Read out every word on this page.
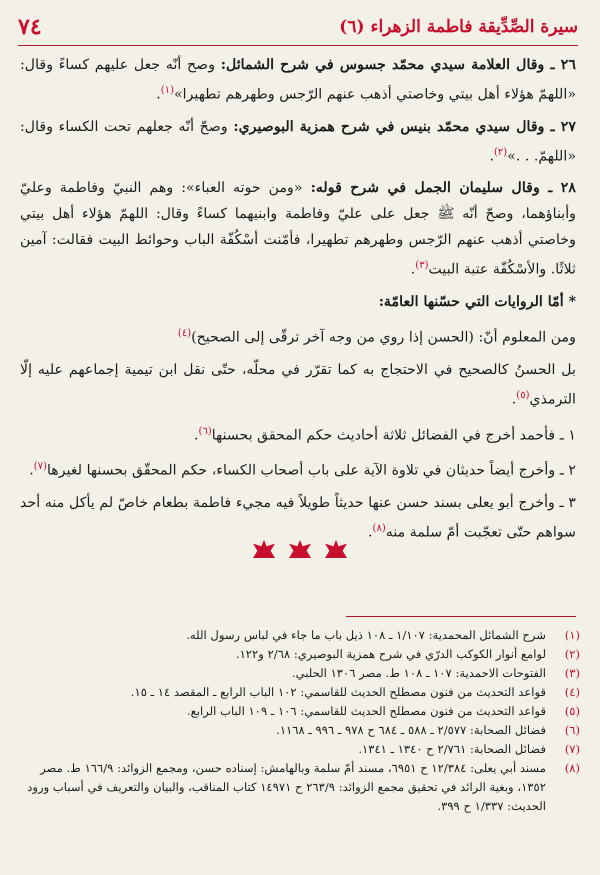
سيرة الصِّدِّيقة فاطمة الزهراء (٦)
٧٤

٢٦ ـ وقال العلامة سيدي محمّد جسوس في شرح الشمائل: وصح أنّه جعل عليهم كساءً وقال: «اللهمّ هؤلاء أهل بيتي وخاصتي أذهب عنهم الرّجس وطهرهم تطهيرا»$^{(١)}$.

٢٧ ـ وقال سيدي محمّد بنيس في شرح همزية البوصيري: وصحّ أنّه جعلهم تحت الكساء وقال: «اللهمّ. . .»$^{(٢)}$.

٢٨ ـ وقال سليمان الجمل في شرح قوله: «ومن حوته العباء»: وهم النبيّ وفاطمة وعليّ وأبناؤهما، وصحّ أنّه ﷺ جعل على عليّ وفاطمة وابنيهما كساءً وقال: اللهمّ هؤلاء أهل بيتي وخاصتي أذهب عنهم الرّجس وطهرهم تطهيرا، فأمّنت أسْكُفّة الباب وحوائط البيت فقالت: آمين ثلاثًا. والأسْكُفّة عتبة البيت$^{(٣)}$.

* أمّا الروايات التي حسّنها العامّة:

ومن المعلوم أنّ: (الحسن إذا روي من وجه آخر ترقّى إلى الصحيح)$^{(٤)}$

بل الحسنُ كالصحيح في الاحتجاج به كما تقرّر في محلّه، حتّى نقل ابن تيمية إجماعهم عليه إلّا الترمذي$^{(٥)}$.

١ ـ فأحمد أخرج في الفضائل ثلاثة أحاديث حكم المحقق بحسنها$^{(٦)}$.

٢ ـ وأخرج أيضاً حديثان في تلاوة الآية على باب أصحاب الكساء، حكم المحقّق بحسنها لغيرها$^{(٧)}$.

٣ ـ وأخرج أبو يعلى بسند حسن عنها حديثاً طويلاً فيه مجيء فاطمة بطعام خاصّ لم يأكل منه أحد سواهم حتّى تعجّبت أمّ سلمة منه$^{(٨)}$.

(١)
شرح الشمائل المحمدية: ١/١٠٧ ـ ١٠٨ ذيل باب ما جاء في لباس رسول الله.
(٢)
لوامع أنوار الكوكب الدرّي في شرح همزية البوصيري: ٢/٦٨ و١٢٢.
(٣)
الفتوحات الاحمدية: ١٠٧ ـ ١٠٨ ط. مصر ١٣٠٦ الحلبي.
(٤)
قواعد التحديث من فنون مصطلح الحديث للقاسمي: ١٠٢ الباب الرابع ـ المقصد ١٤ ـ ١٥.
(٥)
قواعد التحديث من فنون مصطلح الحديث للقاسمي: ١٠٦ ـ ١٠٩ الباب الرابع.
(٦)
فضائل الصحابة: ٢/٥٧٧ ـ ٥٨٨ ـ ٦٨٤ ح ٩٧٨ ـ ٩٩٦ ـ ١١٦٨.
(٧)
فضائل الصحابة: ٢/٧٦١ ح ١٣٤٠ ـ ١٣٤١.
(٨)
مسند أبي يعلى: ١٢/٣٨٤ ح ٦٩٥١، مسند أمّ سلمة وبالهامش: إسناده حسن، ومجمع الزوائد: ١٦٦/٩ ط. مصر ١٣٥٢، وبغية الرائد في تحقيق مجمع الزوائد: ٢٦٣/٩ ح ١٤٩٧١ كتاب المناقب، والبيان والتعريف في أسباب ورود الحديث: ١/٣٣٧ ح ٣٩٩.
